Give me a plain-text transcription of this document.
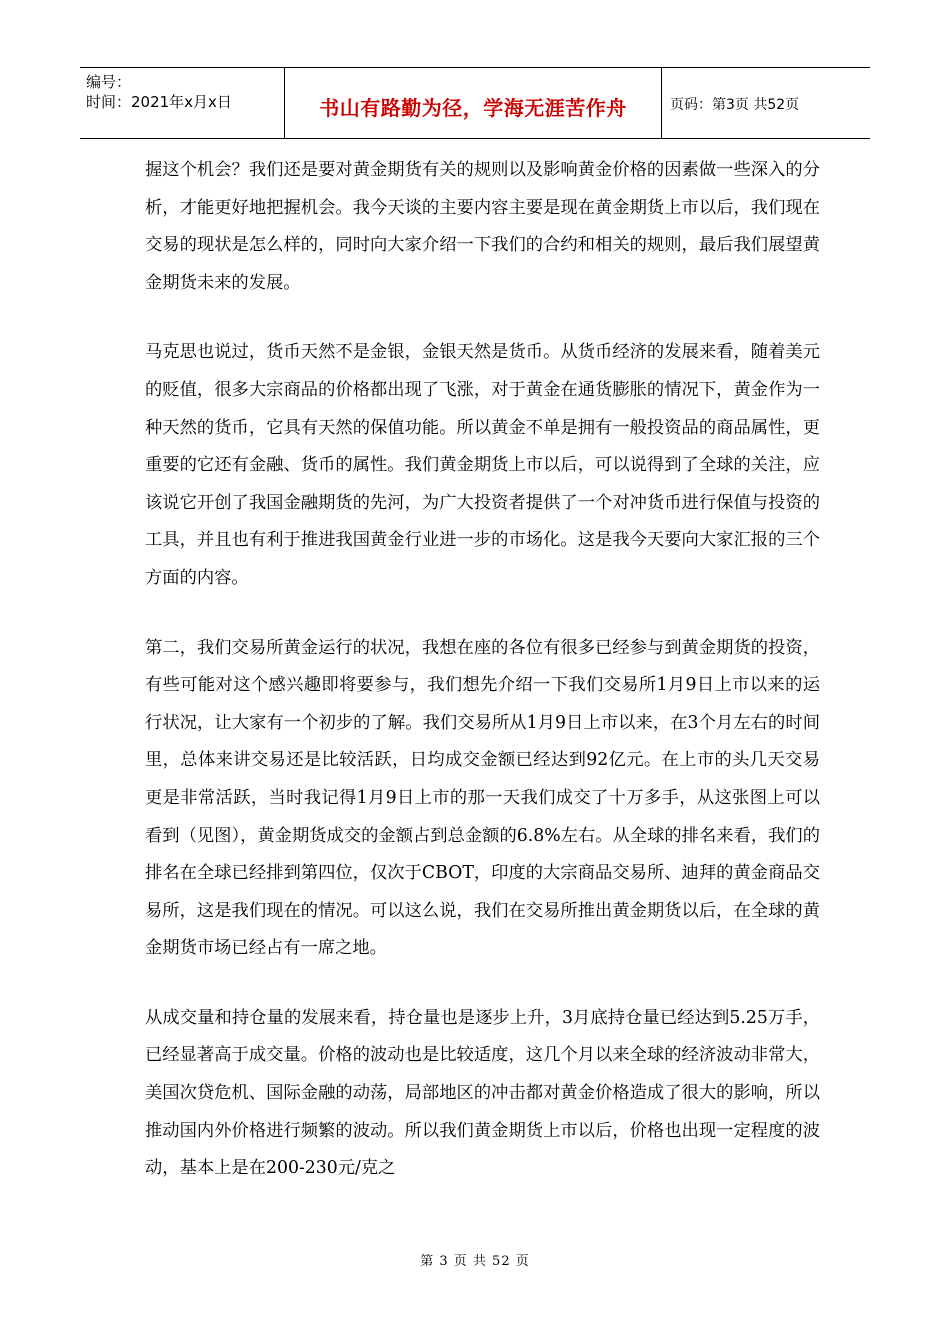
编号：
时间：2021年x月x日	书山有路勤为径，学海无涯苦作舟	页码：第3页 共52页

握这个机会？我们还是要对黄金期货有关的规则以及影响黄金价格的因素做一些深入的分析，才能更好地把握机会。我今天谈的主要内容主要是现在黄金期货上市以后，我们现在交易的现状是怎么样的，同时向大家介绍一下我们的合约和相关的规则，最后我们展望黄金期货未来的发展。

马克思也说过，货币天然不是金银，金银天然是货币。从货币经济的发展来看，随着美元的贬值，很多大宗商品的价格都出现了飞涨，对于黄金在通货膨胀的情况下，黄金作为一种天然的货币，它具有天然的保值功能。所以黄金不单是拥有一般投资品的商品属性，更重要的它还有金融、货币的属性。我们黄金期货上市以后，可以说得到了全球的关注，应该说它开创了我国金融期货的先河，为广大投资者提供了一个对冲货币进行保值与投资的工具，并且也有利于推进我国黄金行业进一步的市场化。这是我今天要向大家汇报的三个方面的内容。

第二，我们交易所黄金运行的状况，我想在座的各位有很多已经参与到黄金期货的投资，有些可能对这个感兴趣即将要参与，我们想先介绍一下我们交易所1月9日上市以来的运行状况，让大家有一个初步的了解。我们交易所从1月9日上市以来，在3个月左右的时间里，总体来讲交易还是比较活跃，日均成交金额已经达到92亿元。在上市的头几天交易更是非常活跃，当时我记得1月9日上市的那一天我们成交了十万多手，从这张图上可以看到（见图），黄金期货成交的金额占到总金额的6.8%左右。从全球的排名来看，我们的排名在全球已经排到第四位，仅次于CBOT，印度的大宗商品交易所、迪拜的黄金商品交易所，这是我们现在的情况。可以这么说，我们在交易所推出黄金期货以后，在全球的黄金期货市场已经占有一席之地。

从成交量和持仓量的发展来看，持仓量也是逐步上升，3月底持仓量已经达到5.25万手，已经显著高于成交量。价格的波动也是比较适度，这几个月以来全球的经济波动非常大，美国次贷危机、国际金融的动荡，局部地区的冲击都对黄金价格造成了很大的影响，所以推动国内外价格进行频繁的波动。所以我们黄金期货上市以后，价格也出现一定程度的波动，基本上是在200-230元/克之

第 3 页 共 52 页
